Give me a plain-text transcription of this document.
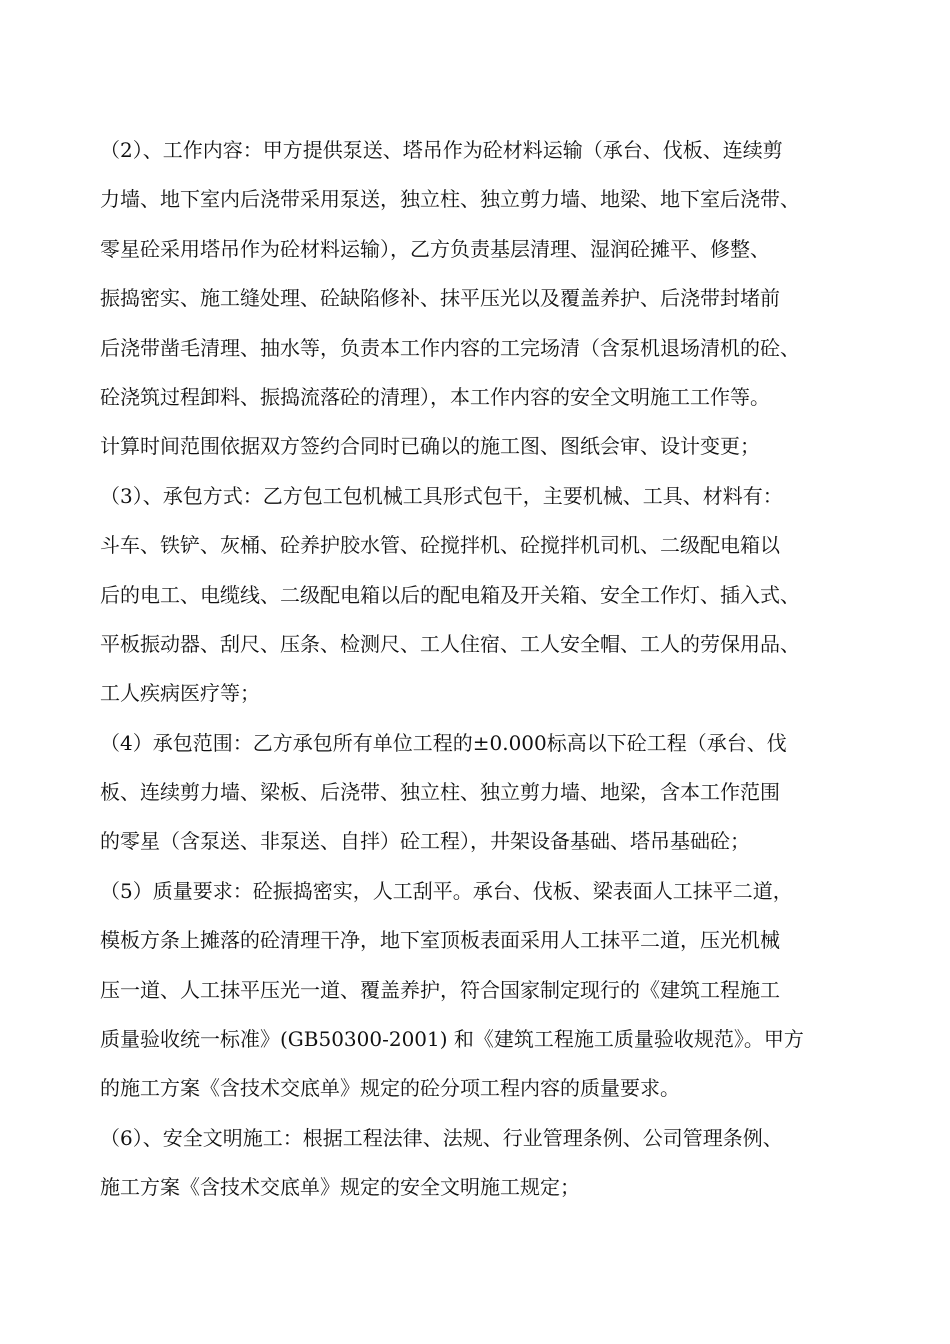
（2）、工作内容：甲方提供泵送、塔吊作为砼材料运输（承台、伐板、连续剪
力墙、地下室内后浇带采用泵送，独立柱、独立剪力墙、地梁、地下室后浇带、
零星砼采用塔吊作为砼材料运输），乙方负责基层清理、湿润砼摊平、修整、
振捣密实、施工缝处理、砼缺陷修补、抹平压光以及覆盖养护、后浇带封堵前
后浇带凿毛清理、抽水等，负责本工作内容的工完场清（含泵机退场清机的砼、
砼浇筑过程卸料、振捣流落砼的清理），本工作内容的安全文明施工工作等。
计算时间范围依据双方签约合同时已确以的施工图、图纸会审、设计变更；
（3）、承包方式：乙方包工包机械工具形式包干，主要机械、工具、材料有：
斗车、铁铲、灰桶、砼养护胶水管、砼搅拌机、砼搅拌机司机、二级配电箱以
后的电工、电缆线、二级配电箱以后的配电箱及开关箱、安全工作灯、插入式、
平板振动器、刮尺、压条、检测尺、工人住宿、工人安全帽、工人的劳保用品、
工人疾病医疗等；
（4）承包范围：乙方承包所有单位工程的±0.000标高以下砼工程（承台、伐
板、连续剪力墙、梁板、后浇带、独立柱、独立剪力墙、地梁，含本工作范围
的零星（含泵送、非泵送、自拌）砼工程），井架设备基础、塔吊基础砼；
（5）质量要求：砼振捣密实，人工刮平。承台、伐板、梁表面人工抹平二道，
模板方条上摊落的砼清理干净，地下室顶板表面采用人工抹平二道，压光机械
压一道、人工抹平压光一道、覆盖养护，符合国家制定现行的《建筑工程施工
质量验收统一标准》(GB50300-2001) 和《建筑工程施工质量验收规范》。甲方
的施工方案《含技术交底单》规定的砼分项工程内容的质量要求。
（6）、安全文明施工：根据工程法律、法规、行业管理条例、公司管理条例、
施工方案《含技术交底单》规定的安全文明施工规定；
